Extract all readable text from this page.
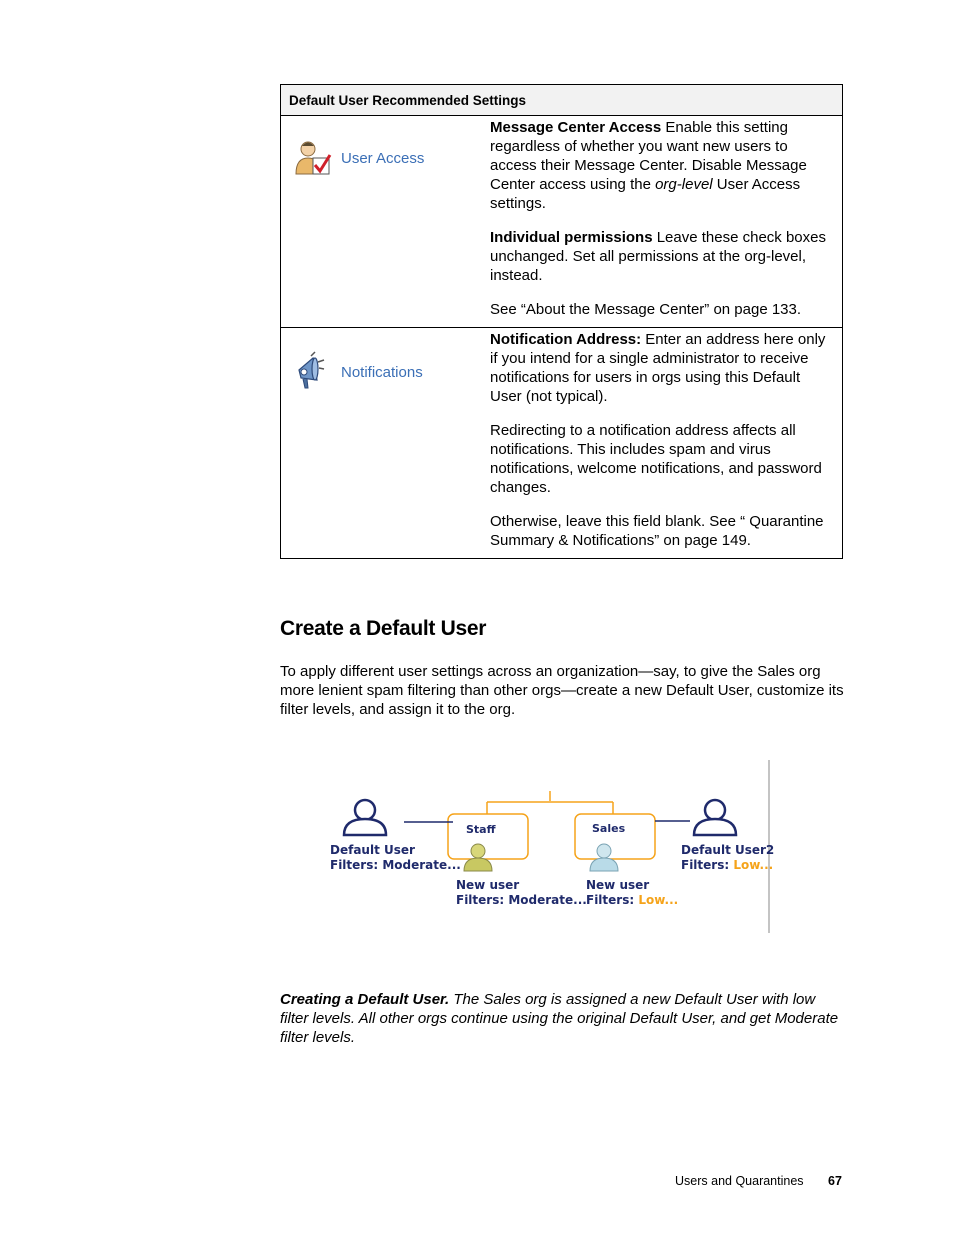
Default User Recommended Settings	

User Access	Message Center Access Enable this setting regardless of whether you want new users to access their Message Center. Disable Message Center access using the org-level User Access settings.

Individual permissions Leave these check boxes unchanged. Set all permissions at the org-level, instead.

See “About the Message Center” on page 133.

Notifications	Notification Address: Enter an address here only if you intend for a single administrator to receive notifications for users in orgs using this Default User (not typical).

Redirecting to a notification address affects all notifications. This includes spam and virus notifications, welcome notifications, and password changes.

Otherwise, leave this field blank. See “ Quarantine Summary & Notifications” on page 149.

Create a Default User

To apply different user settings across an organization—say, to give the Sales org more lenient spam filtering than other orgs—create a new Default User, customize its filter levels, and assign it to the org.

Staff	Sales
Default User
Filters: Moderate...
Default User2
Filters: Low...
New user
Filters: Moderate...
New user
Filters: Low...

Creating a Default User. The Sales org is assigned a new Default User with low filter levels. All other orgs continue using the original Default User, and get Moderate filter levels.

Users and Quarantines 67
